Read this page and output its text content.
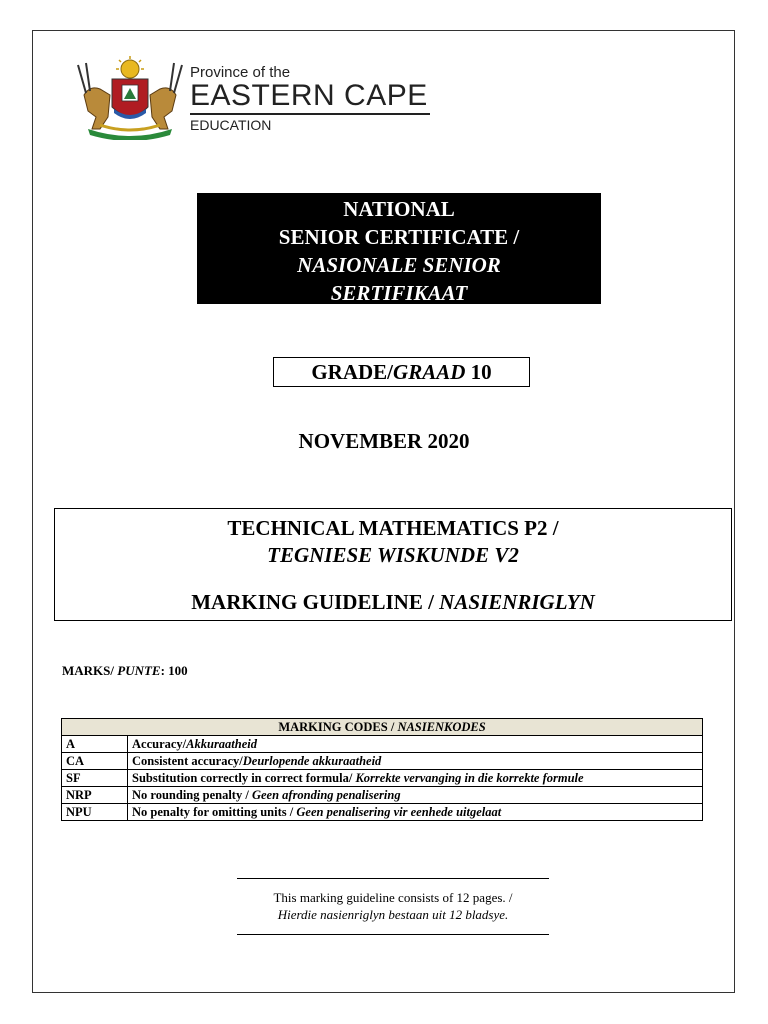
Province of the
EASTERN CAPE
EDUCATION
NATIONAL
SENIOR CERTIFICATE /
NASIONALE SENIOR
SERTIFIKAAT
GRADE/GRAAD 10
NOVEMBER 2020
TECHNICAL MATHEMATICS P2 /
TEGNIESE WISKUNDE V2
MARKING GUIDELINE / NASIENRIGLYN
MARKS/ PUNTE: 100
MARKING CODES / NASIENKODES	
A	Accuracy/Akkuraatheid
CA	Consistent accuracy/Deurlopende akkuraatheid
SF	Substitution correctly in correct formula/ Korrekte vervanging in die korrekte formule
NRP	No rounding penalty / Geen afronding penalisering
NPU	No penalty for omitting units / Geen penalisering vir eenhede uitgelaat
This marking guideline consists of 12 pages. /
Hierdie nasienriglyn bestaan uit 12 bladsye.
